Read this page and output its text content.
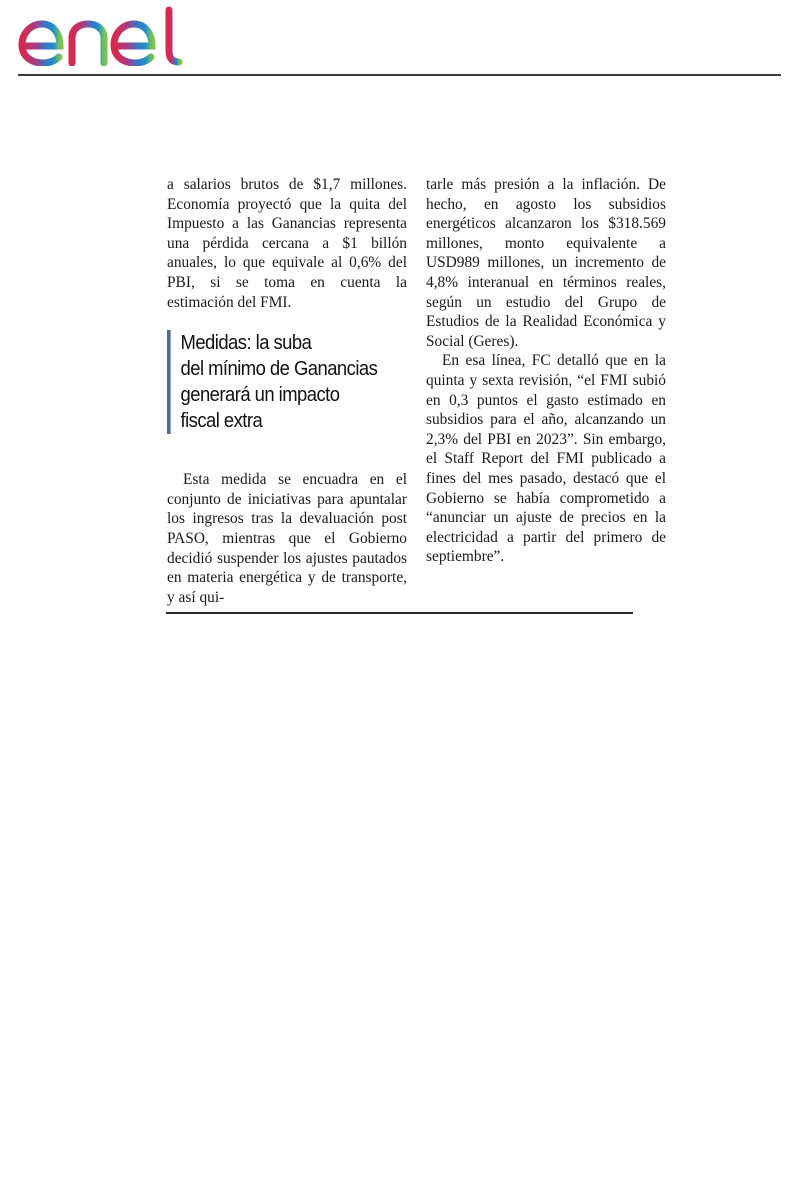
a salarios brutos de $1,7 millones. Economía proyectó que la quita del Impuesto a las Ganancias representa una pérdida cercana a $1 billón anuales, lo que equivale al 0,6% del PBI, si se toma en cuenta la estimación del FMI.

Medidas: la suba
del mínimo de Ganancias
generará un impacto
fiscal extra

Esta medida se encuadra en el conjunto de iniciativas para apuntalar los ingresos tras la devaluación post PASO, mientras que el Gobierno decidió suspender los ajustes pautados en materia energética y de transporte, y así qui-

tarle más presión a la inflación. De hecho, en agosto los subsidios energéticos alcanzaron los $318.569 millones, monto equivalente a USD989 millones, un incremento de 4,8% interanual en términos reales, según un estudio del Grupo de Estudios de la Realidad Económica y Social (Geres).

En esa línea, FC detalló que en la quinta y sexta revisión, “el FMI subió en 0,3 puntos el gasto estimado en subsidios para el año, alcanzando un 2,3% del PBI en 2023”. Sin embargo, el Staff Report del FMI publicado a fines del mes pasado, destacó que el Gobierno se había comprometido a “anunciar un ajuste de precios en la electricidad a partir del primero de septiembre”.
